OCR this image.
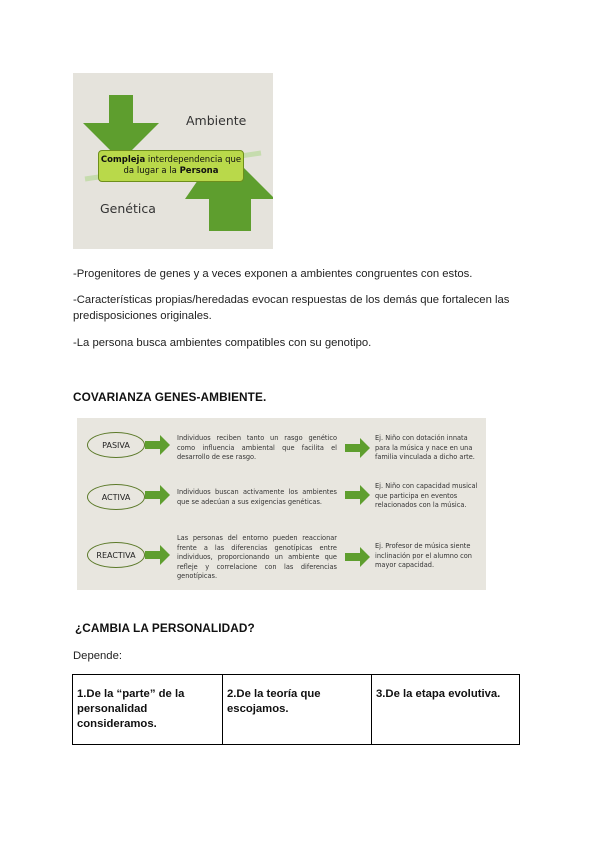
Ambiente
Genética
Compleja interdependencia que
da lugar a la Persona
-Progenitores de genes y a veces exponen a ambientes congruentes con estos.
-Características propias/heredadas evocan respuestas de los demás que fortalecen las predisposiciones originales.
-La persona busca ambientes compatibles con su genotipo.
COVARIANZA GENES-AMBIENTE.
PASIVA
Individuos reciben tanto un rasgo genético como influencia ambiental que facilita el desarrollo de ese rasgo.
Ej. Niño con dotación innata para la música y nace en una familia vinculada a dicho arte.
ACTIVA
Individuos buscan activamente los ambientes que se adecúan a sus exigencias genéticas.
Ej. Niño con capacidad musical que participa en eventos relacionados con la música.
REACTIVA
Las personas del entorno pueden reaccionar frente a las diferencias genotípicas entre individuos, proporcionando un ambiente que refleje y correlacione con las diferencias genotípicas.
Ej. Profesor de música siente inclinación por el alumno con mayor capacidad.
¿CAMBIA LA PERSONALIDAD?
Depende:
1.De la “parte” de la personalidad consideramos.
2.De la teoría que escojamos.
3.De la etapa evolutiva.
